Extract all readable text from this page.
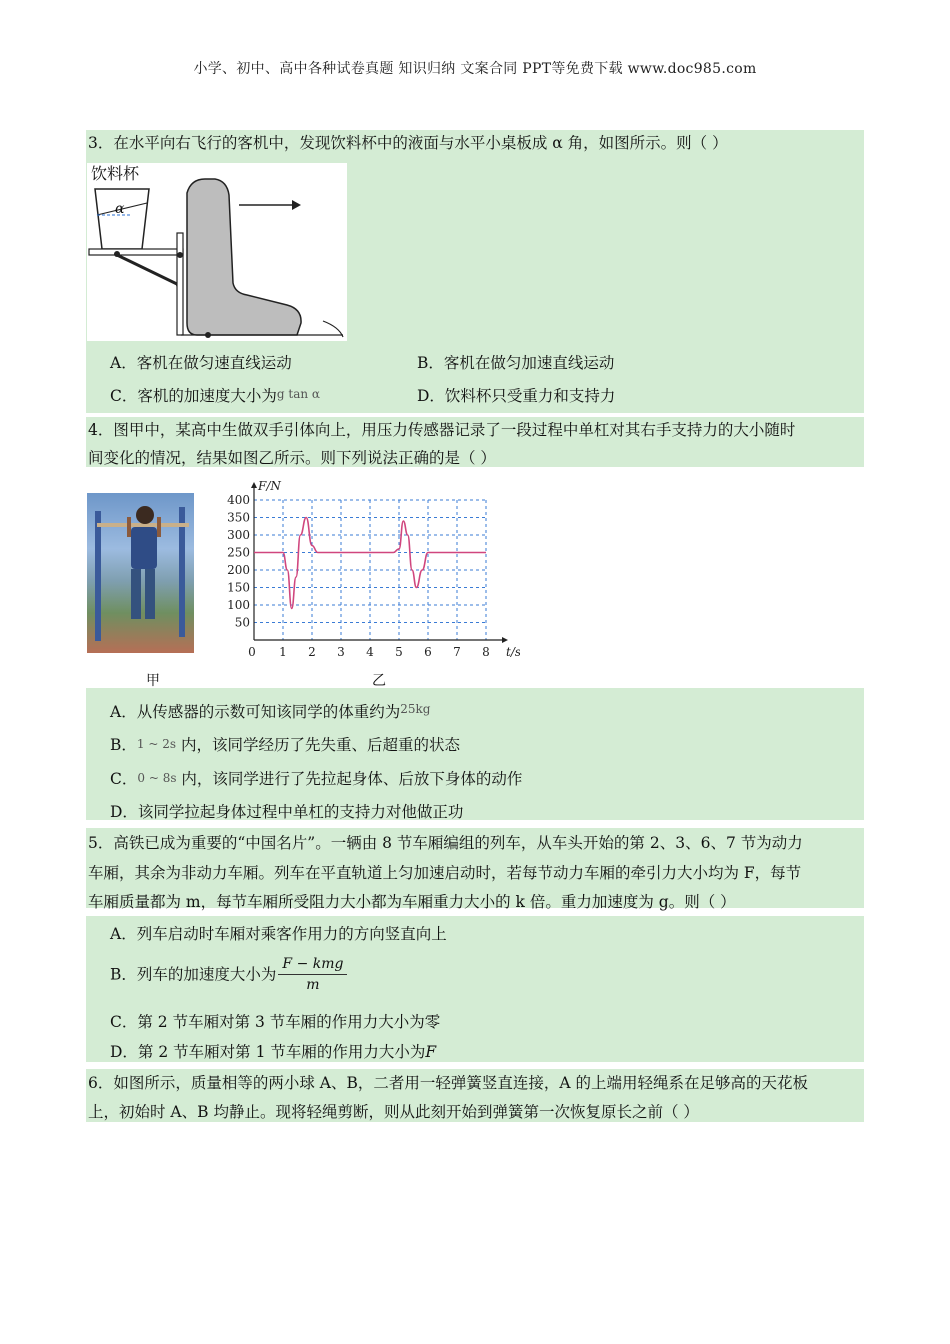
小学、初中、高中各种试卷真题 知识归纳 文案合同 PPT等免费下载 www.doc985.com
3．在水平向右飞行的客机中，发现饮料杯中的液面与水平小桌板成 α 角，如图所示。则（ ）
饮料杯
α
A．客机在做匀速直线运动	B．客机在做匀加速直线运动
C．客机的加速度大小为g tan α	D．饮料杯只受重力和支持力
4．图甲中，某高中生做双手引体向上，用压力传感器记录了一段过程中单杠对其右手支持力的大小随时
间变化的情况，结果如图乙所示。则下列说法正确的是（ ）
甲
50
100
150
200
250
300
350
400
0 1 2 3 4 5 6 7 8 t/s
F/N
乙
A．从传感器的示数可知该同学的体重约为$^{25kg}$
B．1 ~ 2s 内，该同学经历了先失重、后超重的状态
C．0 ~ 8s 内，该同学进行了先拉起身体、后放下身体的动作
D．该同学拉起身体过程中单杠的支持力对他做正功
5．高铁已成为重要的“中国名片”。一辆由 8 节车厢编组的列车，从车头开始的第 2、3、6、7 节为动力
车厢，其余为非动力车厢。列车在平直轨道上匀加速启动时，若每节动力车厢的牵引力大小均为 F，每节
车厢质量都为 m，每节车厢所受阻力大小都为车厢重力大小的 k 倍。重力加速度为 g。则（ ）
A．列车启动时车厢对乘客作用力的方向竖直向上
B．列车的加速度大小为 $\frac{\text{F − kmg}}{m}$
C．第 2 节车厢对第 3 节车厢的作用力大小为零
D．第 2 节车厢对第 1 节车厢的作用力大小为F
6．如图所示，质量相等的两小球 A、B，二者用一轻弹簧竖直连接，A 的上端用轻绳系在足够高的天花板
上，初始时 A、B 均静止。现将轻绳剪断，则从此刻开始到弹簧第一次恢复原长之前（ ）
